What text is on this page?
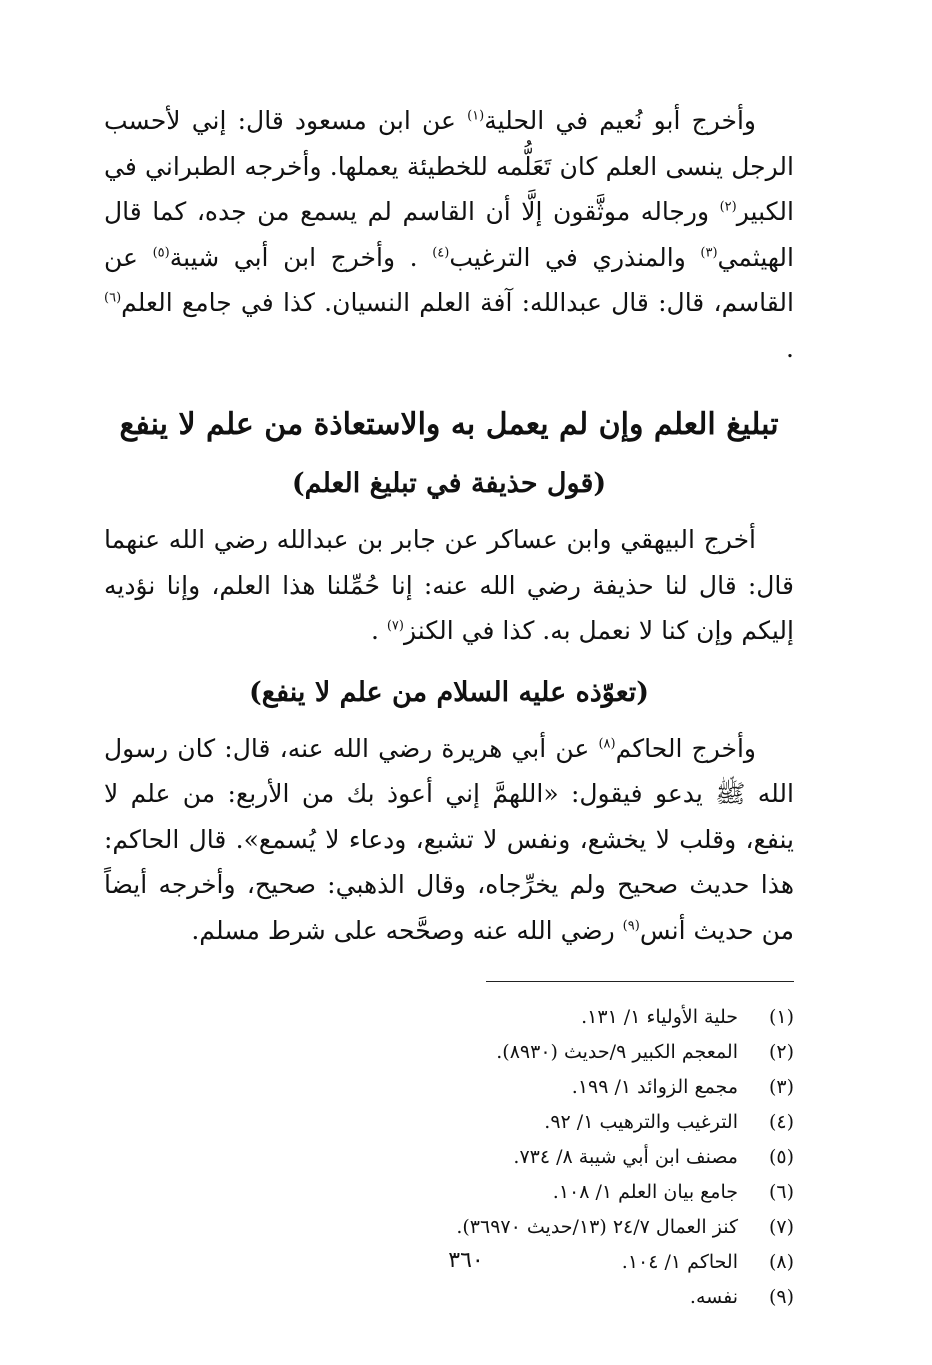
وأخرج أبو نُعيم في الحلية$^{(١)}$ عن ابن مسعود قال: إني لأحسب الرجل ينسى العلم كان تَعَلُّمه للخطيئة يعملها. وأخرجه الطبراني في الكبير$^{(٢)}$ ورجاله موثَّقون إلَّا أن القاسم لم يسمع من جده، كما قال الهيثمي$^{(٣)}$ والمنذري في الترغيب$^{(٤)}$ . وأخرج ابن أبي شيبة$^{(٥)}$ عن القاسم، قال: قال عبدالله: آفة العلم النسيان. كذا في جامع العلم$^{(٦)}$ .

تبليغ العلم وإن لم يعمل به والاستعاذة من علم لا ينفع
(قول حذيفة في تبليغ العلم)

أخرج البيهقي وابن عساكر عن جابر بن عبدالله رضي الله عنهما قال: قال لنا حذيفة رضي الله عنه: إنا حُمِّلنا هذا العلم، وإنا نؤديه إليكم وإن كنا لا نعمل به. كذا في الكنز$^{(٧)}$ .

(تعوّذه عليه السلام من علم لا ينفع)

وأخرج الحاكم$^{(٨)}$ عن أبي هريرة رضي الله عنه، قال: كان رسول الله ﷺ يدعو فيقول: «اللهمَّ إني أعوذ بك من الأربع: من علم لا ينفع، وقلب لا يخشع، ونفس لا تشبع، ودعاء لا يُسمع». قال الحاكم: هذا حديث صحيح ولم يخرِّجاه، وقال الذهبي: صحيح، وأخرجه أيضاً من حديث أنس$^{(٩)}$ رضي الله عنه وصحَّحه على شرط مسلم.

(١)
حلية الأولياء ١/ ١٣١.
(٢)
المعجم الكبير ٩/حديث (٨٩٣٠).
(٣)
مجمع الزوائد ١/ ١٩٩.
(٤)
الترغيب والترهيب ١/ ٩٢.
(٥)
مصنف ابن أبي شيبة ٨/ ٧٣٤.
(٦)
جامع بيان العلم ١/ ١٠٨.
(٧)
كنز العمال ٢٤/٧ (١٣/حديث ٣٦٩٧٠).
(٨)
الحاكم ١/ ١٠٤.
(٩)
نفسه.
٣٦٠
